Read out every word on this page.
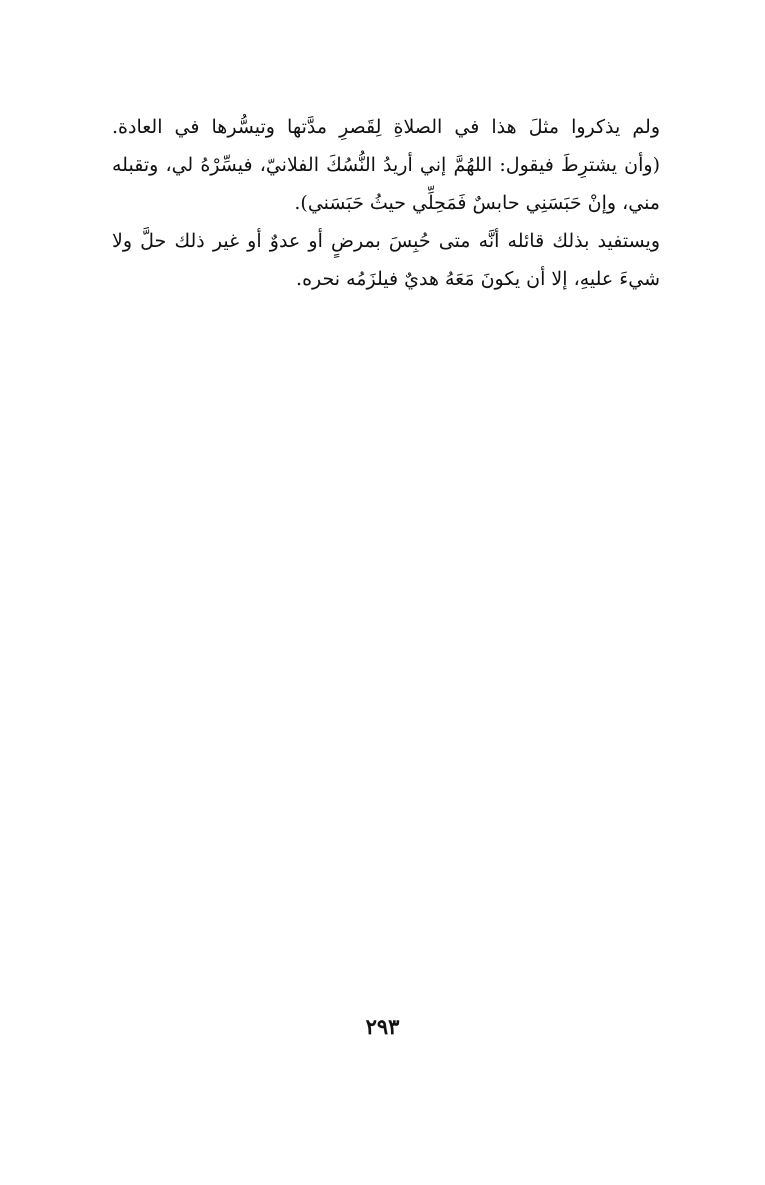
ولم يذكروا مثلَ هذا في الصلاةِ لِقَصرِ مدَّتها وتيسُّرها في العادة.
(وأن يشترِطَ فيقول: اللهُمَّ إني أريدُ النُّسُكَ الفلانيّ، فيسِّرْهُ لي، وتقبله
مني، وإنْ حَبَسَنِي حابسٌ فَمَحِلِّي حيثُ حَبَسَني).
ويستفيد بذلك قائله أنَّه متى حُبِسَ بمرضٍ أو عدوٌ أو غير ذلك حلَّ ولا
شيءَ عليهِ، إلا أن يكونَ مَعَهُ هديٌ فيلزَمُه نحره.
٢٩٣
